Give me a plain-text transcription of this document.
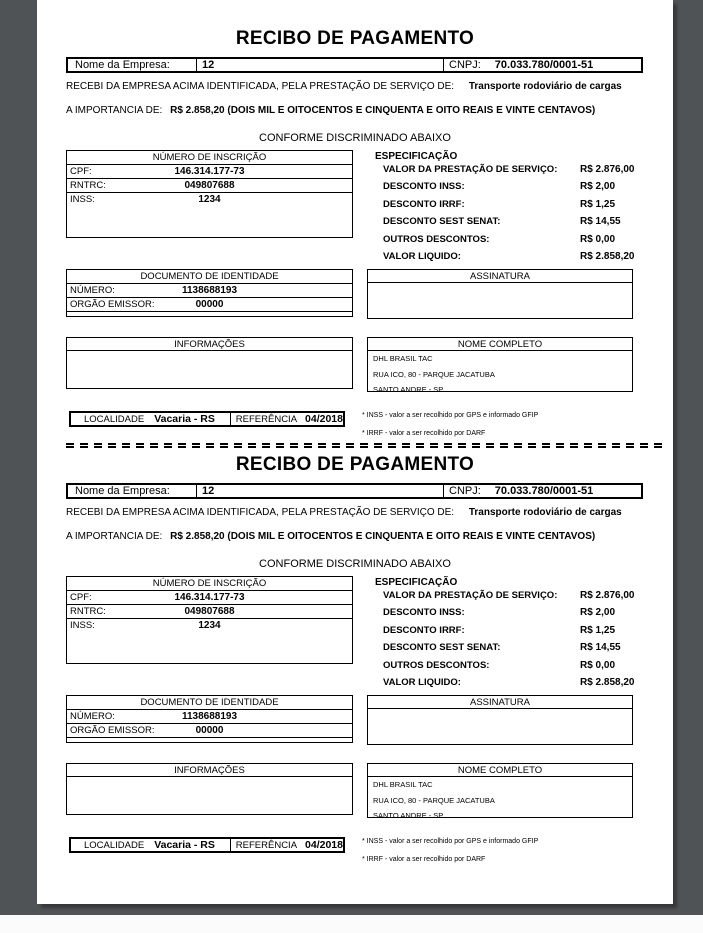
RECIBO DE PAGAMENTO
Nome da Empresa:	12	CNPJ: 70.033.780/0001-51
RECEBI DA EMPRESA ACIMA IDENTIFICADA, PELA PRESTAÇÃO DE SERVIÇO DE: Transporte rodoviário de cargas
A IMPORTANCIA DE: R$ 2.858,20 (DOIS MIL E OITOCENTOS E CINQUENTA E OITO REAIS E VINTE CENTAVOS)
CONFORME DISCRIMINADO ABAIXO
NÚMERO DE INSCRIÇÃO
CPF:	146.314.177-73
RNTRC:	049807688
INSS:	1234
ESPECIFICAÇÃO
VALOR DA PRESTAÇÃO DE SERVIÇO: R$ 2.876,00
DESCONTO INSS:	R$ 2,00
DESCONTO IRRF:	R$ 1,25
DESCONTO SEST SENAT:	R$ 14,55
OUTROS DESCONTOS:	R$ 0,00
VALOR LIQUIDO:	R$ 2.858,20
DOCUMENTO DE IDENTIDADE
NÚMERO:	1138688193
ORGÃO EMISSOR:	00000
ASSINATURA
INFORMAÇÕES	NOME COMPLETO
DHL BRASIL TAC
RUA ICO, 80 - PARQUE JACATUBA
SANTO ANDRE - SP
LOCALIDADE Vacaria - RS REFERÊNCIA 04/2018	* INSS - valor a ser recolhido por GPS e informado GFIP
* IRRF - valor a ser recolhido por DARF
RECIBO DE PAGAMENTO
Nome da Empresa:	12	CNPJ: 70.033.780/0001-51
RECEBI DA EMPRESA ACIMA IDENTIFICADA, PELA PRESTAÇÃO DE SERVIÇO DE: Transporte rodoviário de cargas
A IMPORTANCIA DE: R$ 2.858,20 (DOIS MIL E OITOCENTOS E CINQUENTA E OITO REAIS E VINTE CENTAVOS)
CONFORME DISCRIMINADO ABAIXO
NÚMERO DE INSCRIÇÃO
CPF:	146.314.177-73
RNTRC:	049807688
INSS:	1234
ESPECIFICAÇÃO
VALOR DA PRESTAÇÃO DE SERVIÇO: R$ 2.876,00
DESCONTO INSS:	R$ 2,00
DESCONTO IRRF:	R$ 1,25
DESCONTO SEST SENAT:	R$ 14,55
OUTROS DESCONTOS:	R$ 0,00
VALOR LIQUIDO:	R$ 2.858,20
DOCUMENTO DE IDENTIDADE
NÚMERO:	1138688193
ORGÃO EMISSOR:	00000
ASSINATURA
INFORMAÇÕES	NOME COMPLETO
DHL BRASIL TAC
RUA ICO, 80 - PARQUE JACATUBA
SANTO ANDRE - SP
LOCALIDADE Vacaria - RS REFERÊNCIA 04/2018	* INSS - valor a ser recolhido por GPS e informado GFIP
* IRRF - valor a ser recolhido por DARF
